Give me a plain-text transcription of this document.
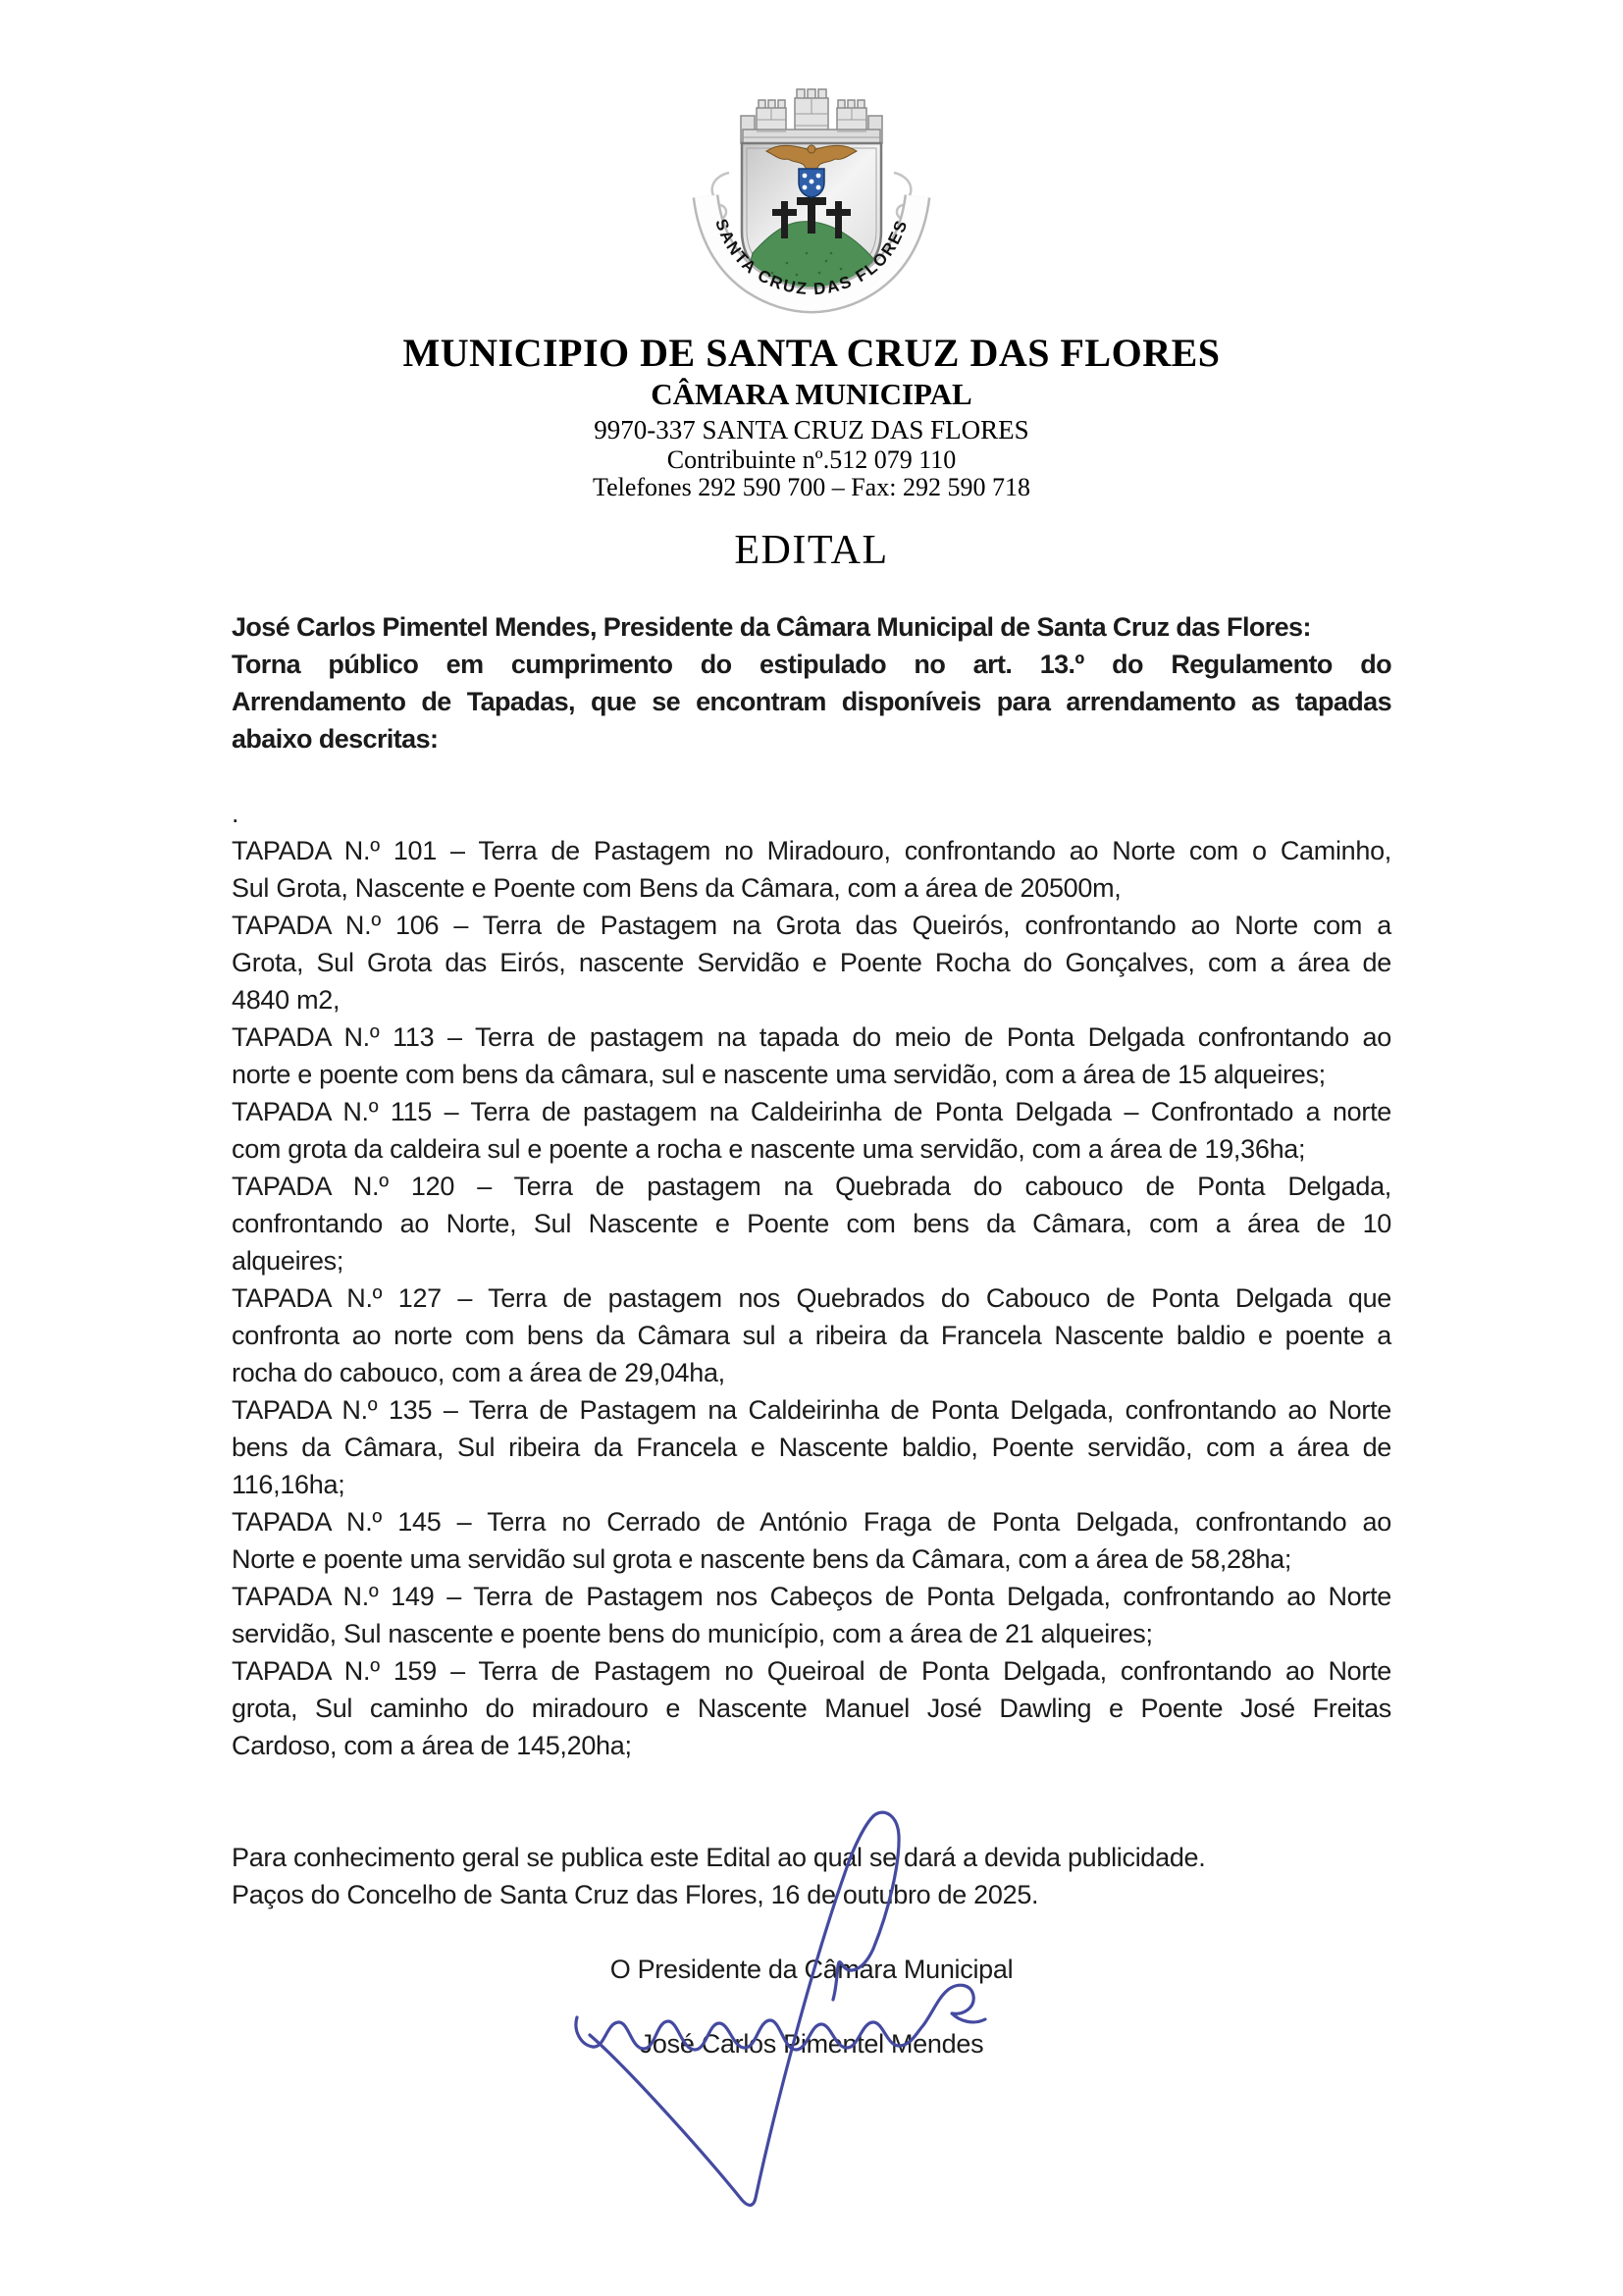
SANTA CRUZ DAS FLORES
MUNICIPIO DE SANTA CRUZ DAS FLORES
CÂMARA MUNICIPAL
9970-337 SANTA CRUZ DAS FLORES
Contribuinte nº.512 079 110
Telefones 292 590 700 – Fax: 292 590 718
EDITAL
José Carlos Pimentel Mendes, Presidente da Câmara Municipal de Santa Cruz das Flores:
Torna público em cumprimento do estipulado no art. 13.º do Regulamento do
Arrendamento de Tapadas, que se encontram disponíveis para arrendamento as tapadas
abaixo descritas:
.
TAPADA N.º 101 – Terra de Pastagem no Miradouro, confrontando ao Norte com o Caminho,
Sul Grota, Nascente e Poente com Bens da Câmara, com a área de 20500m,
TAPADA N.º 106 – Terra de Pastagem na Grota das Queirós, confrontando ao Norte com a
Grota, Sul Grota das Eirós, nascente Servidão e Poente Rocha do Gonçalves, com a área de
4840 m2,
TAPADA N.º 113 – Terra de pastagem na tapada do meio de Ponta Delgada confrontando ao
norte e poente com bens da câmara, sul e nascente uma servidão, com a área de 15 alqueires;
TAPADA N.º 115 – Terra de pastagem na Caldeirinha de Ponta Delgada – Confrontado a norte
com grota da caldeira sul e poente a rocha e nascente uma servidão, com a área de 19,36ha;
TAPADA N.º 120 – Terra de pastagem na Quebrada do cabouco de Ponta Delgada,
confrontando ao Norte, Sul Nascente e Poente com bens da Câmara, com a área de 10
alqueires;
TAPADA N.º 127 – Terra de pastagem nos Quebrados do Cabouco de Ponta Delgada que
confronta ao norte com bens da Câmara sul a ribeira da Francela Nascente baldio e poente a
rocha do cabouco, com a área de 29,04ha,
TAPADA N.º 135 – Terra de Pastagem na Caldeirinha de Ponta Delgada, confrontando ao Norte
bens da Câmara, Sul ribeira da Francela e Nascente baldio, Poente servidão, com a área de
116,16ha;
TAPADA N.º 145 – Terra no Cerrado de António Fraga de Ponta Delgada, confrontando ao
Norte e poente uma servidão sul grota e nascente bens da Câmara, com a área de 58,28ha;
TAPADA N.º 149 – Terra de Pastagem nos Cabeços de Ponta Delgada, confrontando ao Norte
servidão, Sul nascente e poente bens do município, com a área de 21 alqueires;
TAPADA N.º 159 – Terra de Pastagem no Queiroal de Ponta Delgada, confrontando ao Norte
grota, Sul caminho do miradouro e Nascente Manuel José Dawling e Poente José Freitas
Cardoso, com a área de 145,20ha;
Para conhecimento geral se publica este Edital ao qual se dará a devida publicidade.
Paços do Concelho de Santa Cruz das Flores, 16 de outubro de 2025.
O Presidente da Câmara Municipal
José Carlos Pimentel Mendes
